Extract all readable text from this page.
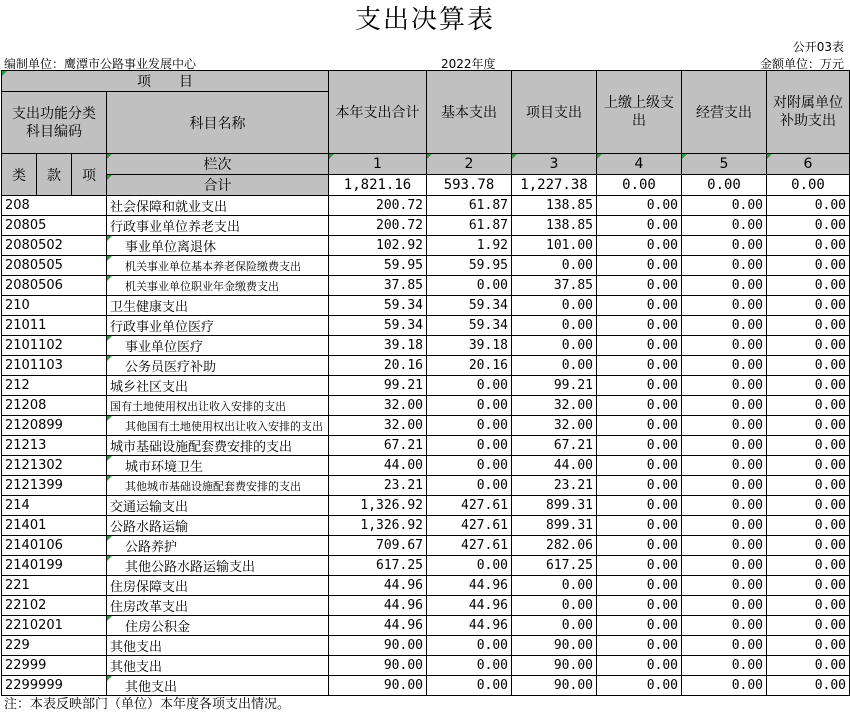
支出决算表
公开03表
编制单位：鹰潭市公路事业发展中心	2022年度	金额单位：万元
项　　目				本年支出合计	基本支出	项目支出	上缴上级支出	经营支出	对附属单位补助支出
支出功能分类
科目编码			科目名称						

类	款	项	栏次	1	2	3	4	5	6
			合计	1,821.16	593.78	1,227.38	0.00	0.00	0.00
208			社会保障和就业支出	200.72	61.87	138.85	0.00	0.00	0.00
20805			行政事业单位养老支出	200.72	61.87	138.85	0.00	0.00	0.00
2080502			事业单位离退休	102.92	1.92	101.00	0.00	0.00	0.00
2080505			机关事业单位基本养老保险缴费支出	59.95	59.95	0.00	0.00	0.00	0.00
2080506			机关事业单位职业年金缴费支出	37.85	0.00	37.85	0.00	0.00	0.00
210			卫生健康支出	59.34	59.34	0.00	0.00	0.00	0.00
21011			行政事业单位医疗	59.34	59.34	0.00	0.00	0.00	0.00
2101102			事业单位医疗	39.18	39.18	0.00	0.00	0.00	0.00
2101103			公务员医疗补助	20.16	20.16	0.00	0.00	0.00	0.00
212			城乡社区支出	99.21	0.00	99.21	0.00	0.00	0.00
21208			国有土地使用权出让收入安排的支出	32.00	0.00	32.00	0.00	0.00	0.00
2120899			其他国有土地使用权出让收入安排的支出	32.00	0.00	32.00	0.00	0.00	0.00
21213			城市基础设施配套费安排的支出	67.21	0.00	67.21	0.00	0.00	0.00
2121302			城市环境卫生	44.00	0.00	44.00	0.00	0.00	0.00
2121399			其他城市基础设施配套费安排的支出	23.21	0.00	23.21	0.00	0.00	0.00
214			交通运输支出	1,326.92	427.61	899.31	0.00	0.00	0.00
21401			公路水路运输	1,326.92	427.61	899.31	0.00	0.00	0.00
2140106			公路养护	709.67	427.61	282.06	0.00	0.00	0.00
2140199			其他公路水路运输支出	617.25	0.00	617.25	0.00	0.00	0.00
221			住房保障支出	44.96	44.96	0.00	0.00	0.00	0.00
22102			住房改革支出	44.96	44.96	0.00	0.00	0.00	0.00
2210201			住房公积金	44.96	44.96	0.00	0.00	0.00	0.00
229			其他支出	90.00	0.00	90.00	0.00	0.00	0.00
22999			其他支出	90.00	0.00	90.00	0.00	0.00	0.00
2299999			其他支出	90.00	0.00	90.00	0.00	0.00	0.00
注：本表反映部门（单位）本年度各项支出情况。
